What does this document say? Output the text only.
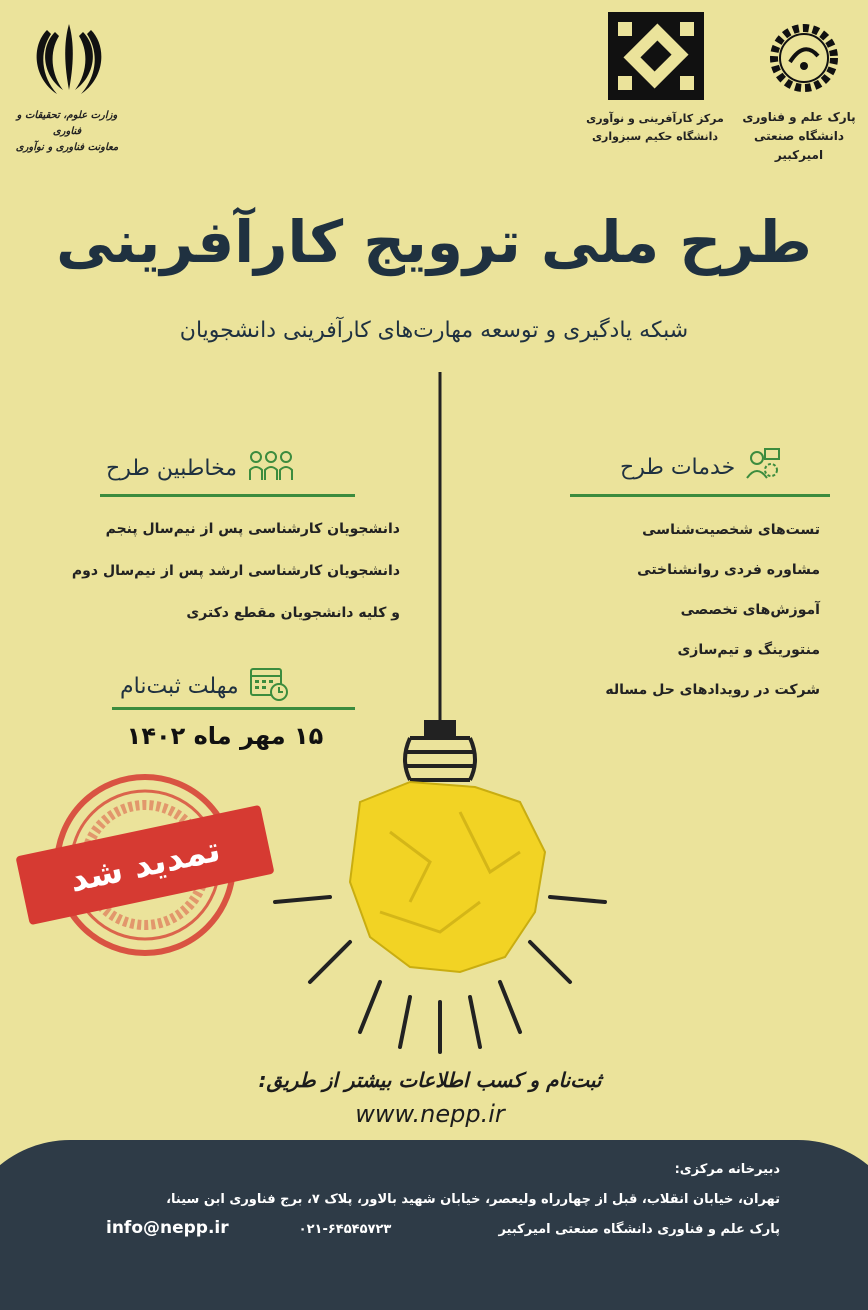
وزارت علوم، تحقیقات و فناوری
معاونت فناوری و نوآوری
مرکز کارآفرینی و نوآوری
دانشگاه حکیم سبزواری
پارک علم و فناوری
دانشگاه صنعتی امیرکبیر
طرح ملی ترویج کارآفرینی
شبکه یادگیری و توسعه مهارت‌های کارآفرینی دانشجویان
خدمات طرح
تست‌های شخصیت‌شناسی
مشاوره فردی روانشناختی
آموزش‌های تخصصی
منتورینگ و تیم‌سازی
شرکت در رویدادهای حل مساله
مخاطبین طرح
دانشجویان کارشناسی پس از نیم‌سال پنجم
دانشجویان کارشناسی ارشد پس از نیم‌سال دوم
و کلیه دانشجویان مقطع دکتری
مهلت ثبت‌نام
۱۵ مهر ماه ۱۴۰۲
تمدید شد
ثبت‌نام و کسب اطلاعات بیشتر از طریق:
www.nepp.ir
دبیرخانه مرکزی:
تهران، خیابان انقلاب، قبل از چهارراه ولیعصر، خیابان شهید بالاور، پلاک ۷، برج فناوری ابن سینا،
پارک علم و فناوری دانشگاه صنعتی امیرکبیر
۰۲۱-۶۴۵۴۵۷۲۳
info@nepp.ir
